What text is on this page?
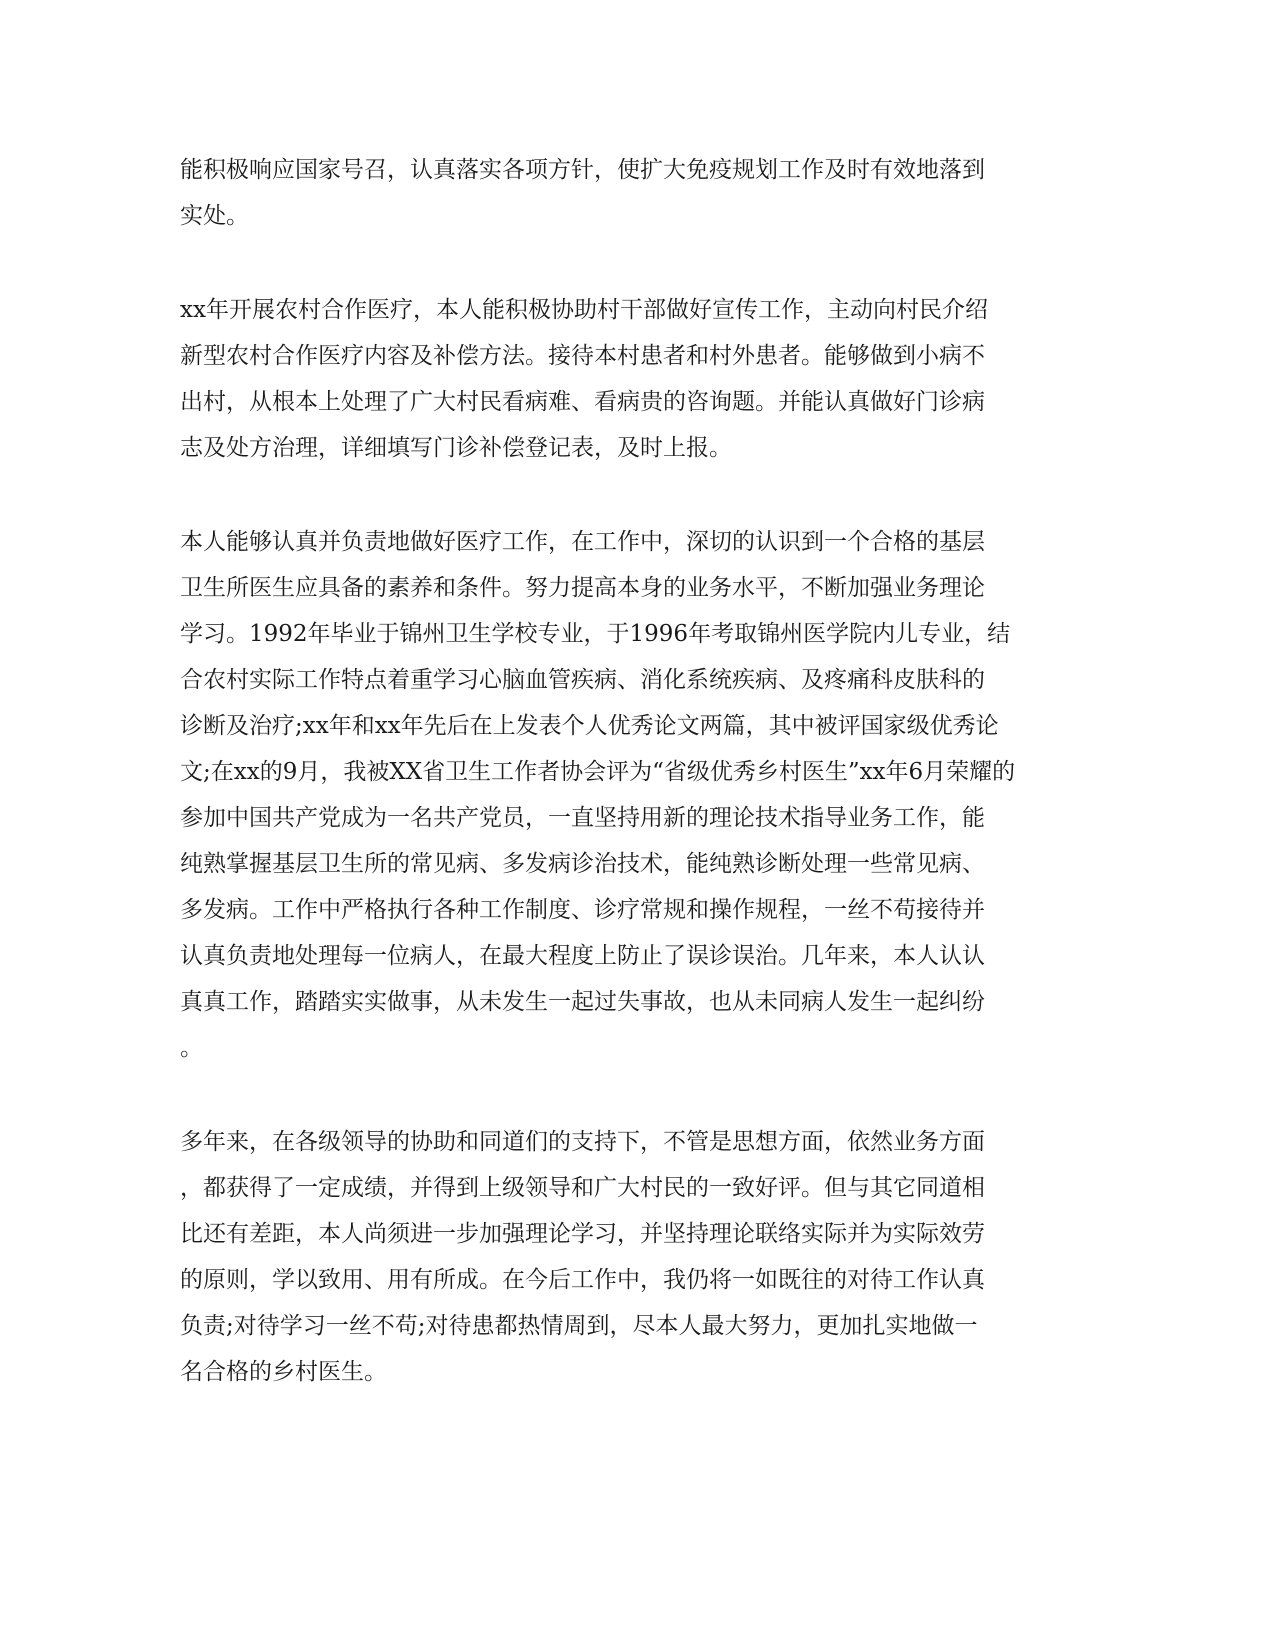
能积极响应国家号召，认真落实各项方针，使扩大免疫规划工作及时有效地落到
实处。
xx年开展农村合作医疗，本人能积极协助村干部做好宣传工作，主动向村民介绍
新型农村合作医疗内容及补偿方法。接待本村患者和村外患者。能够做到小病不
出村，从根本上处理了广大村民看病难、看病贵的咨询题。并能认真做好门诊病
志及处方治理，详细填写门诊补偿登记表，及时上报。
本人能够认真并负责地做好医疗工作，在工作中，深切的认识到一个合格的基层
卫生所医生应具备的素养和条件。努力提高本身的业务水平，不断加强业务理论
学习。1992年毕业于锦州卫生学校专业，于1996年考取锦州医学院内儿专业，结
合农村实际工作特点着重学习心脑血管疾病、消化系统疾病、及疼痛科皮肤科的
诊断及治疗;xx年和xx年先后在上发表个人优秀论文两篇，其中被评国家级优秀论
文;在xx的9月，我被XX省卫生工作者协会评为“省级优秀乡村医生”xx年6月荣耀的
参加中国共产党成为一名共产党员，一直坚持用新的理论技术指导业务工作，能
纯熟掌握基层卫生所的常见病、多发病诊治技术，能纯熟诊断处理一些常见病、
多发病。工作中严格执行各种工作制度、诊疗常规和操作规程，一丝不苟接待并
认真负责地处理每一位病人，在最大程度上防止了误诊误治。几年来，本人认认
真真工作，踏踏实实做事，从未发生一起过失事故，也从未同病人发生一起纠纷
。
多年来，在各级领导的协助和同道们的支持下，不管是思想方面，依然业务方面
，都获得了一定成绩，并得到上级领导和广大村民的一致好评。但与其它同道相
比还有差距，本人尚须进一步加强理论学习，并坚持理论联络实际并为实际效劳
的原则，学以致用、用有所成。在今后工作中，我仍将一如既往的对待工作认真
负责;对待学习一丝不苟;对待患都热情周到，尽本人最大努力，更加扎实地做一
名合格的乡村医生。
